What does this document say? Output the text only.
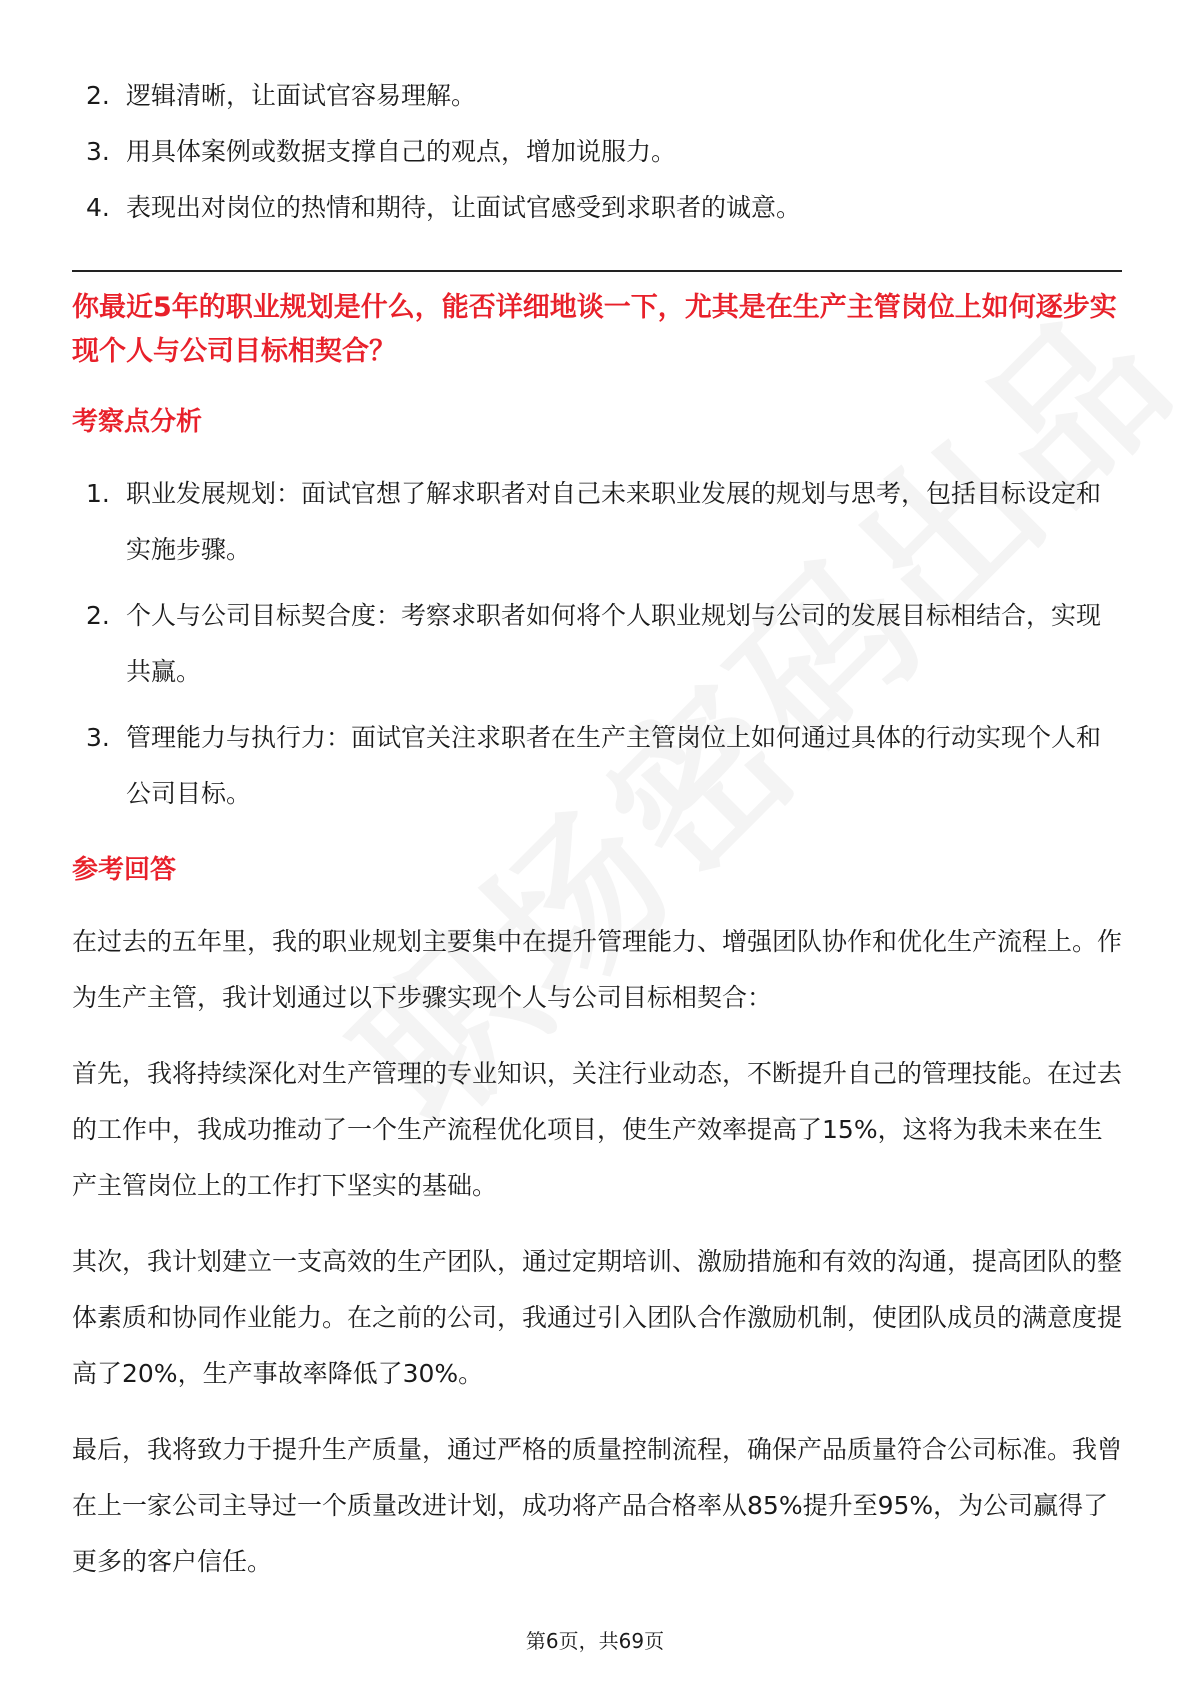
2. 逻辑清晰，让面试官容易理解。
3. 用具体案例或数据支撑自己的观点，增加说服力。
4. 表现出对岗位的热情和期待，让面试官感受到求职者的诚意。

你最近5年的职业规划是什么，能否详细地谈一下，尤其是在生产主管岗位上如何逐步实现个人与公司目标相契合？

考察点分析
1. 职业发展规划：面试官想了解求职者对自己未来职业发展的规划与思考，包括目标设定和实施步骤。
2. 个人与公司目标契合度：考察求职者如何将个人职业规划与公司的发展目标相结合，实现共赢。
3. 管理能力与执行力：面试官关注求职者在生产主管岗位上如何通过具体的行动实现个人和公司目标。
参考回答

在过去的五年里，我的职业规划主要集中在提升管理能力、增强团队协作和优化生产流程上。作为生产主管，我计划通过以下步骤实现个人与公司目标相契合：

首先，我将持续深化对生产管理的专业知识，关注行业动态，不断提升自己的管理技能。在过去的工作中，我成功推动了一个生产流程优化项目，使生产效率提高了15%，这将为我未来在生产主管岗位上的工作打下坚实的基础。

其次，我计划建立一支高效的生产团队，通过定期培训、激励措施和有效的沟通，提高团队的整体素质和协同作业能力。在之前的公司，我通过引入团队合作激励机制，使团队成员的满意度提高了20%，生产事故率降低了30%。

最后，我将致力于提升生产质量，通过严格的质量控制流程，确保产品质量符合公司标准。我曾在上一家公司主导过一个质量改进计划，成功将产品合格率从85%提升至95%，为公司赢得了更多的客户信任。

第6页，共69页
